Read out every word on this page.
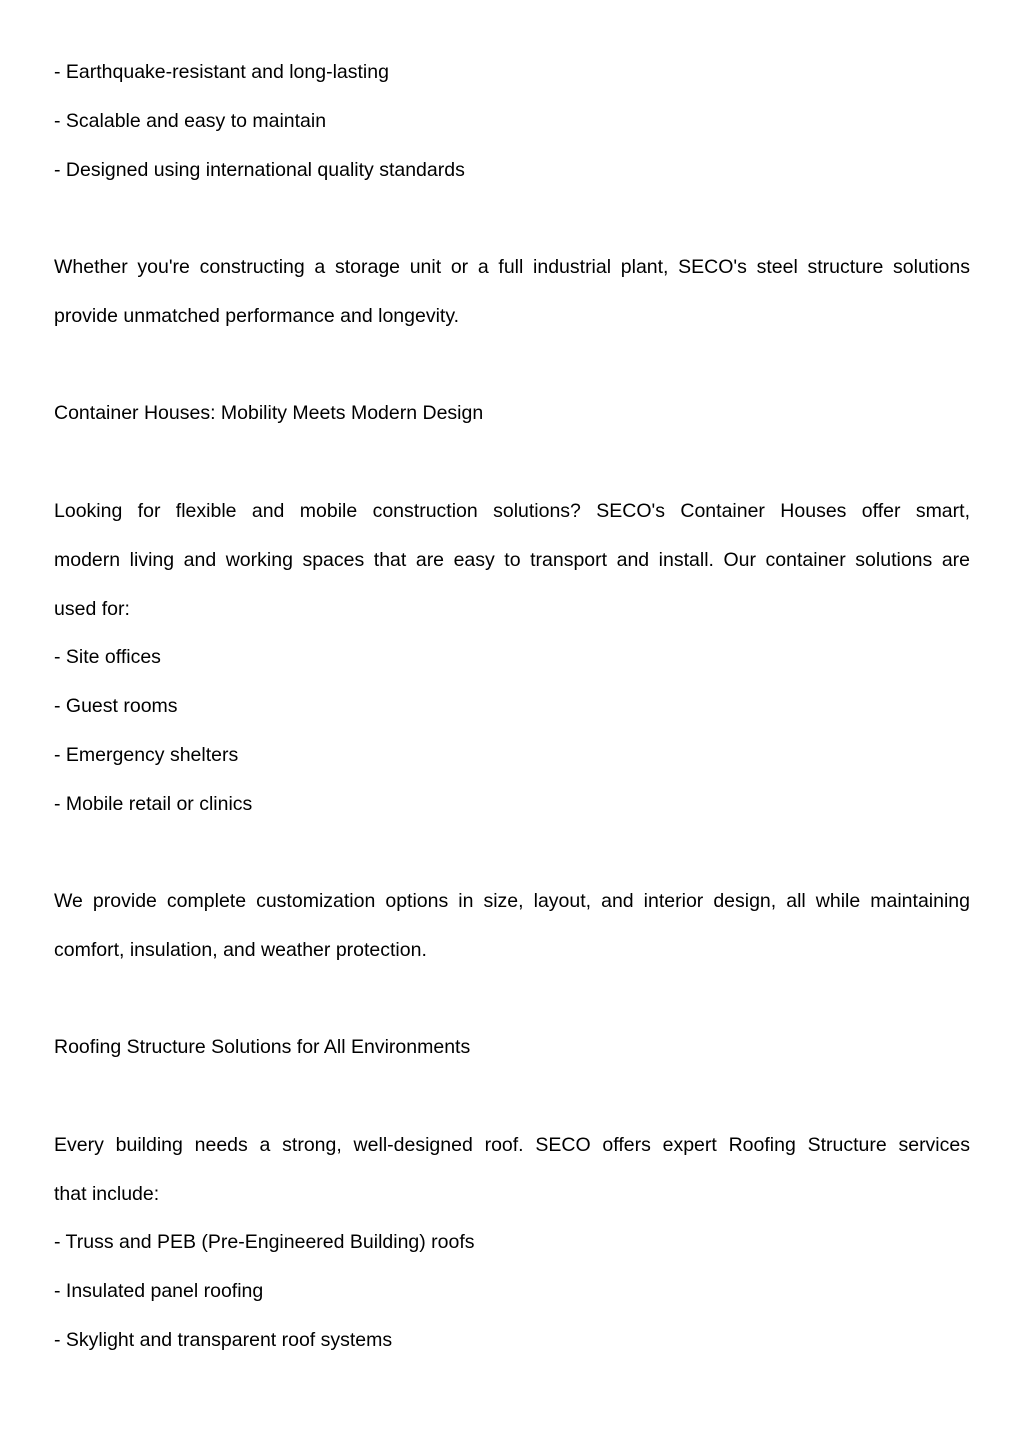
- Earthquake-resistant and long-lasting
- Scalable and easy to maintain
- Designed using international quality standards
Whether you're constructing a storage unit or a full industrial plant, SECO's steel structure solutions
provide unmatched performance and longevity.
Container Houses: Mobility Meets Modern Design
Looking for flexible and mobile construction solutions? SECO's Container Houses offer smart,
modern living and working spaces that are easy to transport and install. Our container solutions are
used for:
- Site offices
- Guest rooms
- Emergency shelters
- Mobile retail or clinics
We provide complete customization options in size, layout, and interior design, all while maintaining
comfort, insulation, and weather protection.
Roofing Structure Solutions for All Environments
Every building needs a strong, well-designed roof. SECO offers expert Roofing Structure services
that include:
- Truss and PEB (Pre-Engineered Building) roofs
- Insulated panel roofing
- Skylight and transparent roof systems
